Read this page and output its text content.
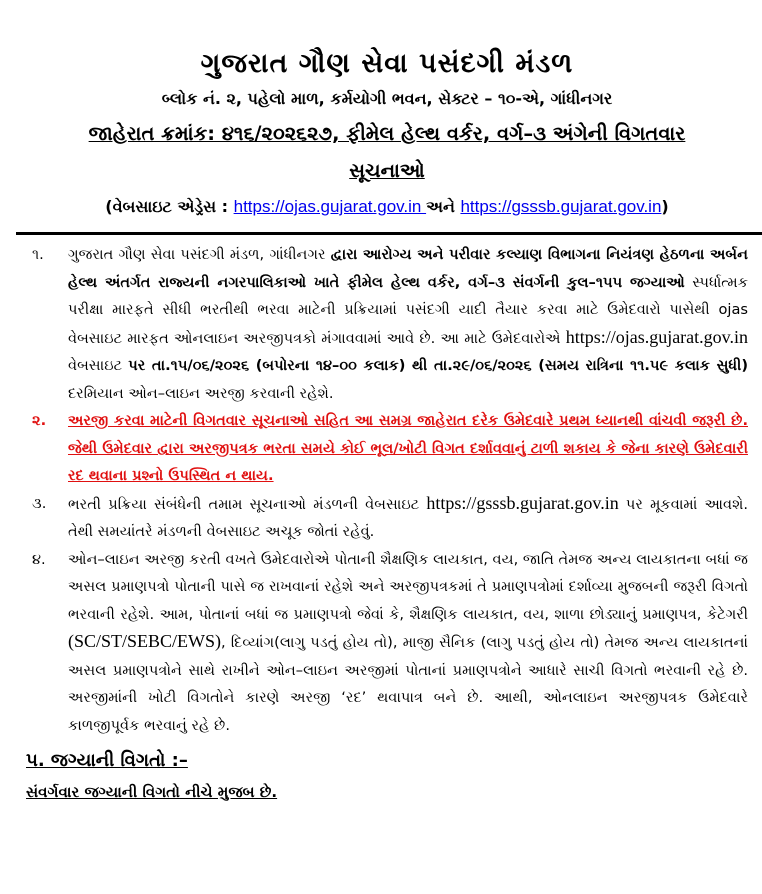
ગુજરાત ગૌણ સેવા પસંદગી મંડળ

બ્લોક નં. ૨, પહેલો માળ, કર્મયોગી ભવન, સેક્ટર – ૧૦-એ, ગાંધીનગર

જાહેરાત ક્રમાંક: ૪૧૬/૨૦૨૬૨૭, ફીમેલ હેલ્થ વર્કર, વર્ગ–૩ અંગેની વિગતવાર

સૂચનાઓ

(વેબસાઇટ એડ્રેસ : https://ojas.gujarat.gov.in અને https://gsssb.gujarat.gov.in)

૧.	ગુજરાત ગૌણ સેવા પસંદગી મંડળ, ગાંધીનગર દ્વારા આરોગ્ય અને પરીવાર કલ્યાણ વિભાગના નિયંત્રણ હેઠળના અર્બન હેલ્થ અંતર્ગત રાજ્યની નગરપાલિકાઓ ખાતે ફીમેલ હેલ્થ વર્કર, વર્ગ–૩ સંવર્ગની કુલ–૧૫૫ જગ્યાઓ સ્પર્ધાત્મક પરીક્ષા મારફતે સીધી ભરતીથી ભરવા માટેની પ્રક્રિયામાં પસંદગી યાદી તૈયાર કરવા માટે ઉમેદવારો પાસેથી ojas વેબસાઇટ મારફત ઓનલાઇન અરજીપત્રકો મંગાવવામાં આવે છે. આ માટે ઉમેદવારોએ https://ojas.gujarat.gov.in વેબસાઇટ પર તા.૧૫/૦૬/૨૦૨૬ (બપોરના ૧૪–૦૦ કલાક) થી તા.૨૯/૦૬/૨૦૨૬ (સમય રાત્રિના ૧૧.૫૯ કલાક સુધી) દરમિયાન ઓન–લાઇન અરજી કરવાની રહેશે.
૨.	અરજી કરવા માટેની વિગતવાર સૂચનાઓ સહિત આ સમગ્ર જાહેરાત દરેક ઉમેદવારે પ્રથમ ધ્યાનથી વાંચવી જરૂરી છે. જેથી ઉમેદવાર દ્વારા અરજીપત્રક ભરતા સમયે કોઈ ભૂલ/ખોટી વિગત દર્શાવવાનું ટાળી શકાય કે જેના કારણે ઉમેદવારી રદ થવાના પ્રશ્નો ઉપસ્થિત ન થાય.
૩.	ભરતી પ્રક્રિયા સંબંધેની તમામ સૂચનાઓ મંડળની વેબસાઇટ https://gsssb.gujarat.gov.in પર મૂકવામાં આવશે. તેથી સમયાંતરે મંડળની વેબસાઇટ અચૂક જોતાં રહેવું.
૪.	ઓન–લાઇન અરજી કરતી વખતે ઉમેદવારોએ પોતાની શૈક્ષણિક લાયકાત, વય, જાતિ તેમજ અન્ય લાયકાતના બધાં જ અસલ પ્રમાણપત્રો પોતાની પાસે જ રાખવાનાં રહેશે અને અરજીપત્રકમાં તે પ્રમાણપત્રોમાં દર્શાવ્યા મુજબની જરૂરી વિગતો ભરવાની રહેશે. આમ, પોતાનાં બધાં જ પ્રમાણપત્રો જેવાં કે, શૈક્ષણિક લાયકાત, વય, શાળા છોડ્યાનું પ્રમાણપત્ર, કેટેગરી (SC/ST/SEBC/EWS), દિવ્યાંગ(લાગુ પડતું હોય તો), માજી સૈનિક (લાગુ પડતું હોય તો) તેમજ અન્ય લાયકાતનાં અસલ પ્રમાણપત્રોને સાથે રાખીને ઓન–લાઇન અરજીમાં પોતાનાં પ્રમાણપત્રોને આધારે સાચી વિગતો ભરવાની રહે છે. અરજીમાંની ખોટી વિગતોને કારણે અરજી ‘રદ’ થવાપાત્ર બને છે. આથી, ઓનલાઇન અરજીપત્રક ઉમેદવારે કાળજીપૂર્વક ભરવાનું રહે છે.

૫. જગ્યાની વિગતો :–

સંવર્ગવાર જગ્યાની વિગતો નીચે મુજબ છે.
